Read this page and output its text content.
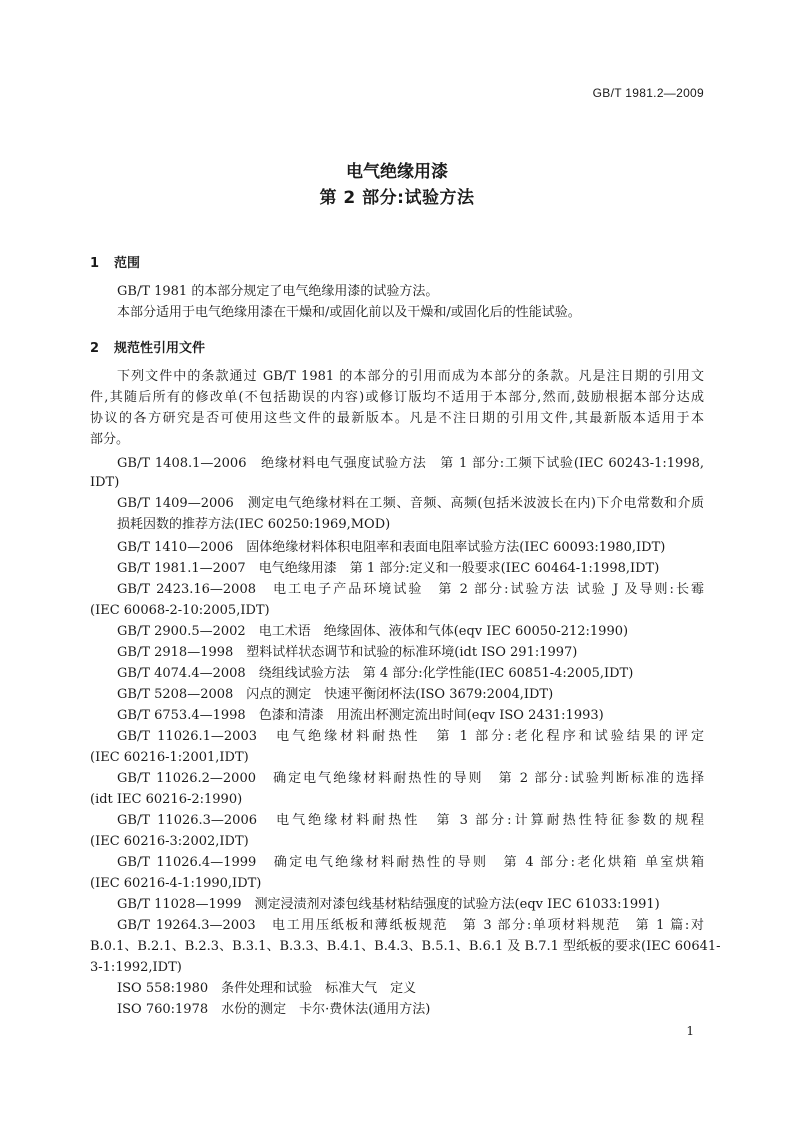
GB/T 1981.2—2009
电气绝缘用漆
第 2 部分:试验方法
1 范围
GB/T 1981 的本部分规定了电气绝缘用漆的试验方法。
本部分适用于电气绝缘用漆在干燥和/或固化前以及干燥和/或固化后的性能试验。
2 规范性引用文件
下列文件中的条款通过 GB/T 1981 的本部分的引用而成为本部分的条款。凡是注日期的引用文
件,其随后所有的修改单(不包括勘误的内容)或修订版均不适用于本部分,然而,鼓励根据本部分达成
协议的各方研究是否可使用这些文件的最新版本。凡是不注日期的引用文件,其最新版本适用于本
部分。
GB/T 1408.1—2006　绝缘材料电气强度试验方法　第 1 部分:工频下试验(IEC 60243-1:1998,
IDT)
GB/T 1409—2006　测定电气绝缘材料在工频、音频、高频(包括米波波长在内)下介电常数和介质
损耗因数的推荐方法(IEC 60250:1969,MOD)
GB/T 1410—2006　固体绝缘材料体积电阻率和表面电阻率试验方法(IEC 60093:1980,IDT)
GB/T 1981.1—2007　电气绝缘用漆　第 1 部分:定义和一般要求(IEC 60464-1:1998,IDT)
GB/T 2423.16—2008　电工电子产品环境试验　第 2 部分:试验方法 试验 J 及导则:长霉
(IEC 60068-2-10:2005,IDT)
GB/T 2900.5—2002　电工术语　绝缘固体、液体和气体(eqv IEC 60050-212:1990)
GB/T 2918—1998　塑料试样状态调节和试验的标准环境(idt ISO 291:1997)
GB/T 4074.4—2008　绕组线试验方法　第 4 部分:化学性能(IEC 60851-4:2005,IDT)
GB/T 5208—2008　闪点的测定　快速平衡闭杯法(ISO 3679:2004,IDT)
GB/T 6753.4—1998　色漆和清漆　用流出杯测定流出时间(eqv ISO 2431:1993)
GB/T 11026.1—2003　电气绝缘材料耐热性　第 1 部分:老化程序和试验结果的评定
(IEC 60216-1:2001,IDT)
GB/T 11026.2—2000　确定电气绝缘材料耐热性的导则　第 2 部分:试验判断标准的选择
(idt IEC 60216-2:1990)
GB/T 11026.3—2006　电气绝缘材料耐热性　第 3 部分:计算耐热性特征参数的规程
(IEC 60216-3:2002,IDT)
GB/T 11026.4—1999　确定电气绝缘材料耐热性的导则　第 4 部分:老化烘箱 单室烘箱
(IEC 60216-4-1:1990,IDT)
GB/T 11028—1999　测定浸渍剂对漆包线基材粘结强度的试验方法(eqv IEC 61033:1991)
GB/T 19264.3—2003　电工用压纸板和薄纸板规范　第 3 部分:单项材料规范　第 1 篇:对
B.0.1、B.2.1、B.2.3、B.3.1、B.3.3、B.4.1、B.4.3、B.5.1、B.6.1 及 B.7.1 型纸板的要求(IEC 60641-
3-1:1992,IDT)
ISO 558:1980　条件处理和试验　标准大气　定义
ISO 760:1978　水份的测定　卡尔·费休法(通用方法)
1
